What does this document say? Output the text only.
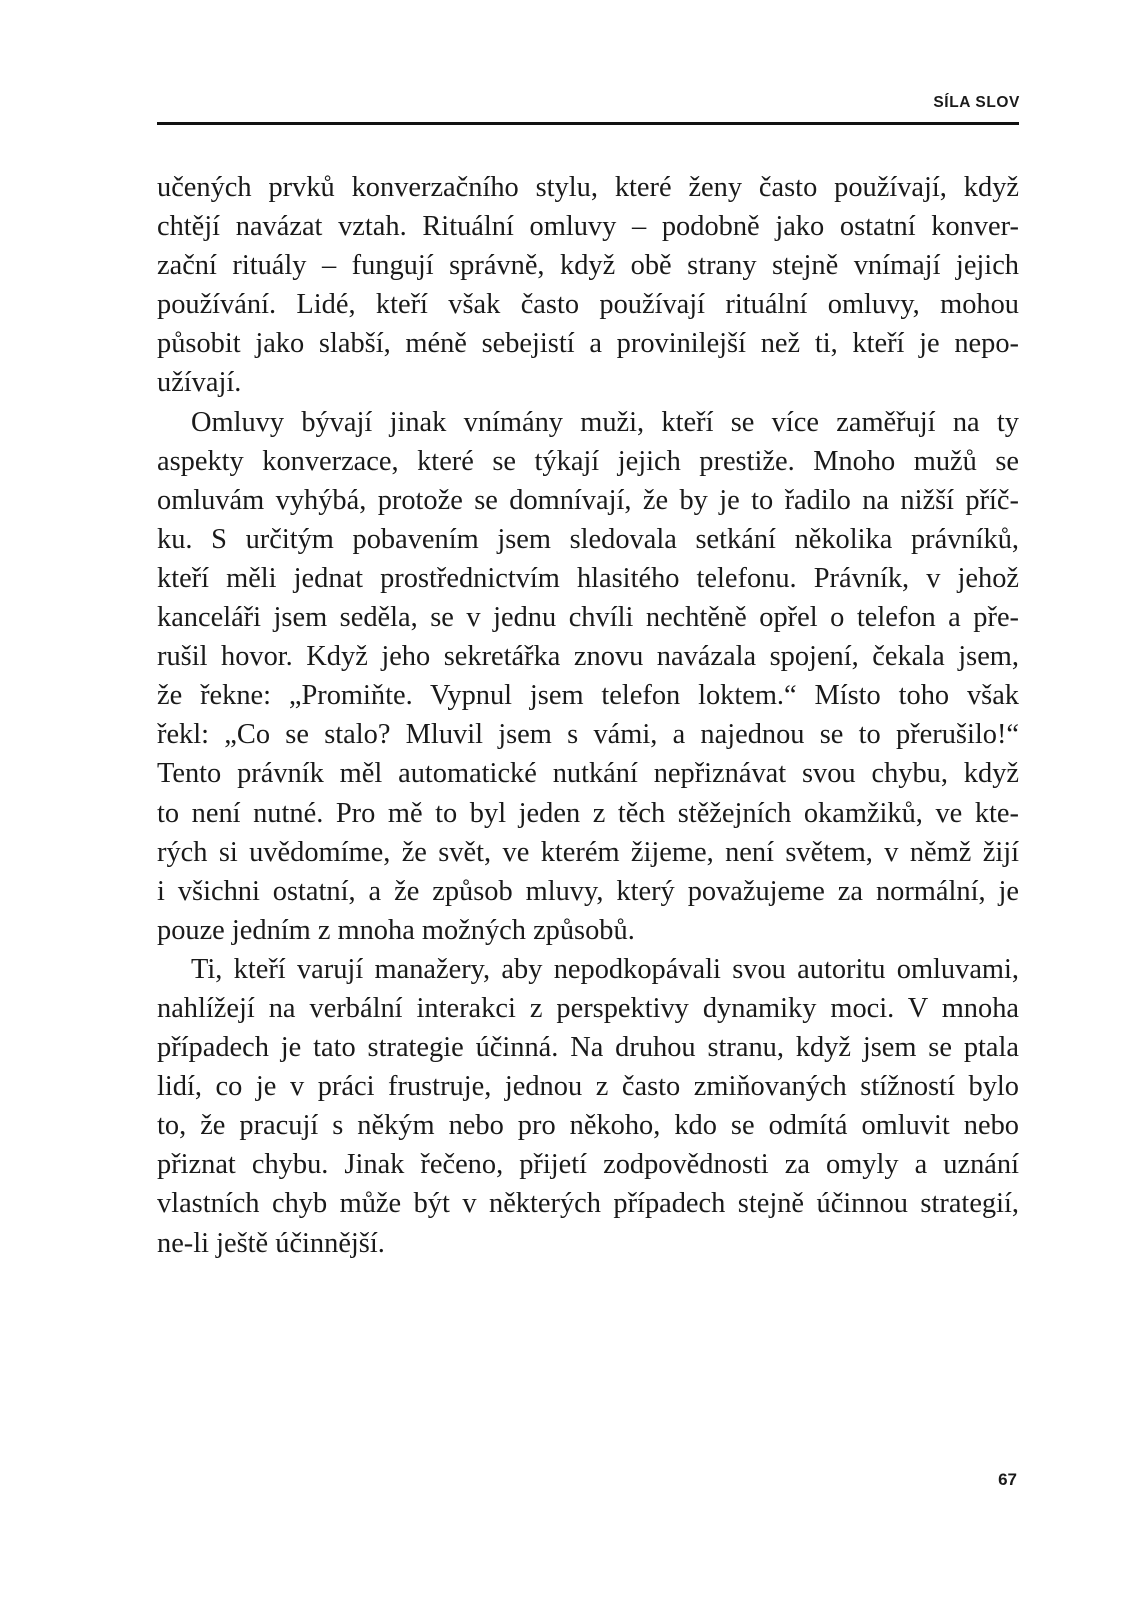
SÍLA SLOV
učených prvků konverzačního stylu, které ženy často používají, když
chtějí navázat vztah. Rituální omluvy – podobně jako ostatní konver-
zační rituály – fungují správně, když obě strany stejně vnímají jejich
používání. Lidé, kteří však často používají rituální omluvy, mohou
působit jako slabší, méně sebejistí a provinilejší než ti, kteří je nepo-
užívají.
Omluvy bývají jinak vnímány muži, kteří se více zaměřují na ty
aspekty konverzace, které se týkají jejich prestiže. Mnoho mužů se
omluvám vyhýbá, protože se domnívají, že by je to řadilo na nižší příč-
ku. S určitým pobavením jsem sledovala setkání několika právníků,
kteří měli jednat prostřednictvím hlasitého telefonu. Právník, v jehož
kanceláři jsem seděla, se v jednu chvíli nechtěně opřel o telefon a pře-
rušil hovor. Když jeho sekretářka znovu navázala spojení, čekala jsem,
že řekne: „Promiňte. Vypnul jsem telefon loktem.“ Místo toho však
řekl: „Co se stalo? Mluvil jsem s vámi, a najednou se to přerušilo!“
Tento právník měl automatické nutkání nepřiznávat svou chybu, když
to není nutné. Pro mě to byl jeden z těch stěžejních okamžiků, ve kte-
rých si uvědomíme, že svět, ve kterém žijeme, není světem, v němž žijí
i všichni ostatní, a že způsob mluvy, který považujeme za normální, je
pouze jedním z mnoha možných způsobů.
Ti, kteří varují manažery, aby nepodkopávali svou autoritu omluvami,
nahlížejí na verbální interakci z perspektivy dynamiky moci. V mnoha
případech je tato strategie účinná. Na druhou stranu, když jsem se ptala
lidí, co je v práci frustruje, jednou z často zmiňovaných stížností bylo
to, že pracují s někým nebo pro někoho, kdo se odmítá omluvit nebo
přiznat chybu. Jinak řečeno, přijetí zodpovědnosti za omyly a uznání
vlastních chyb může být v některých případech stejně účinnou strategií,
ne-li ještě účinnější.
67
